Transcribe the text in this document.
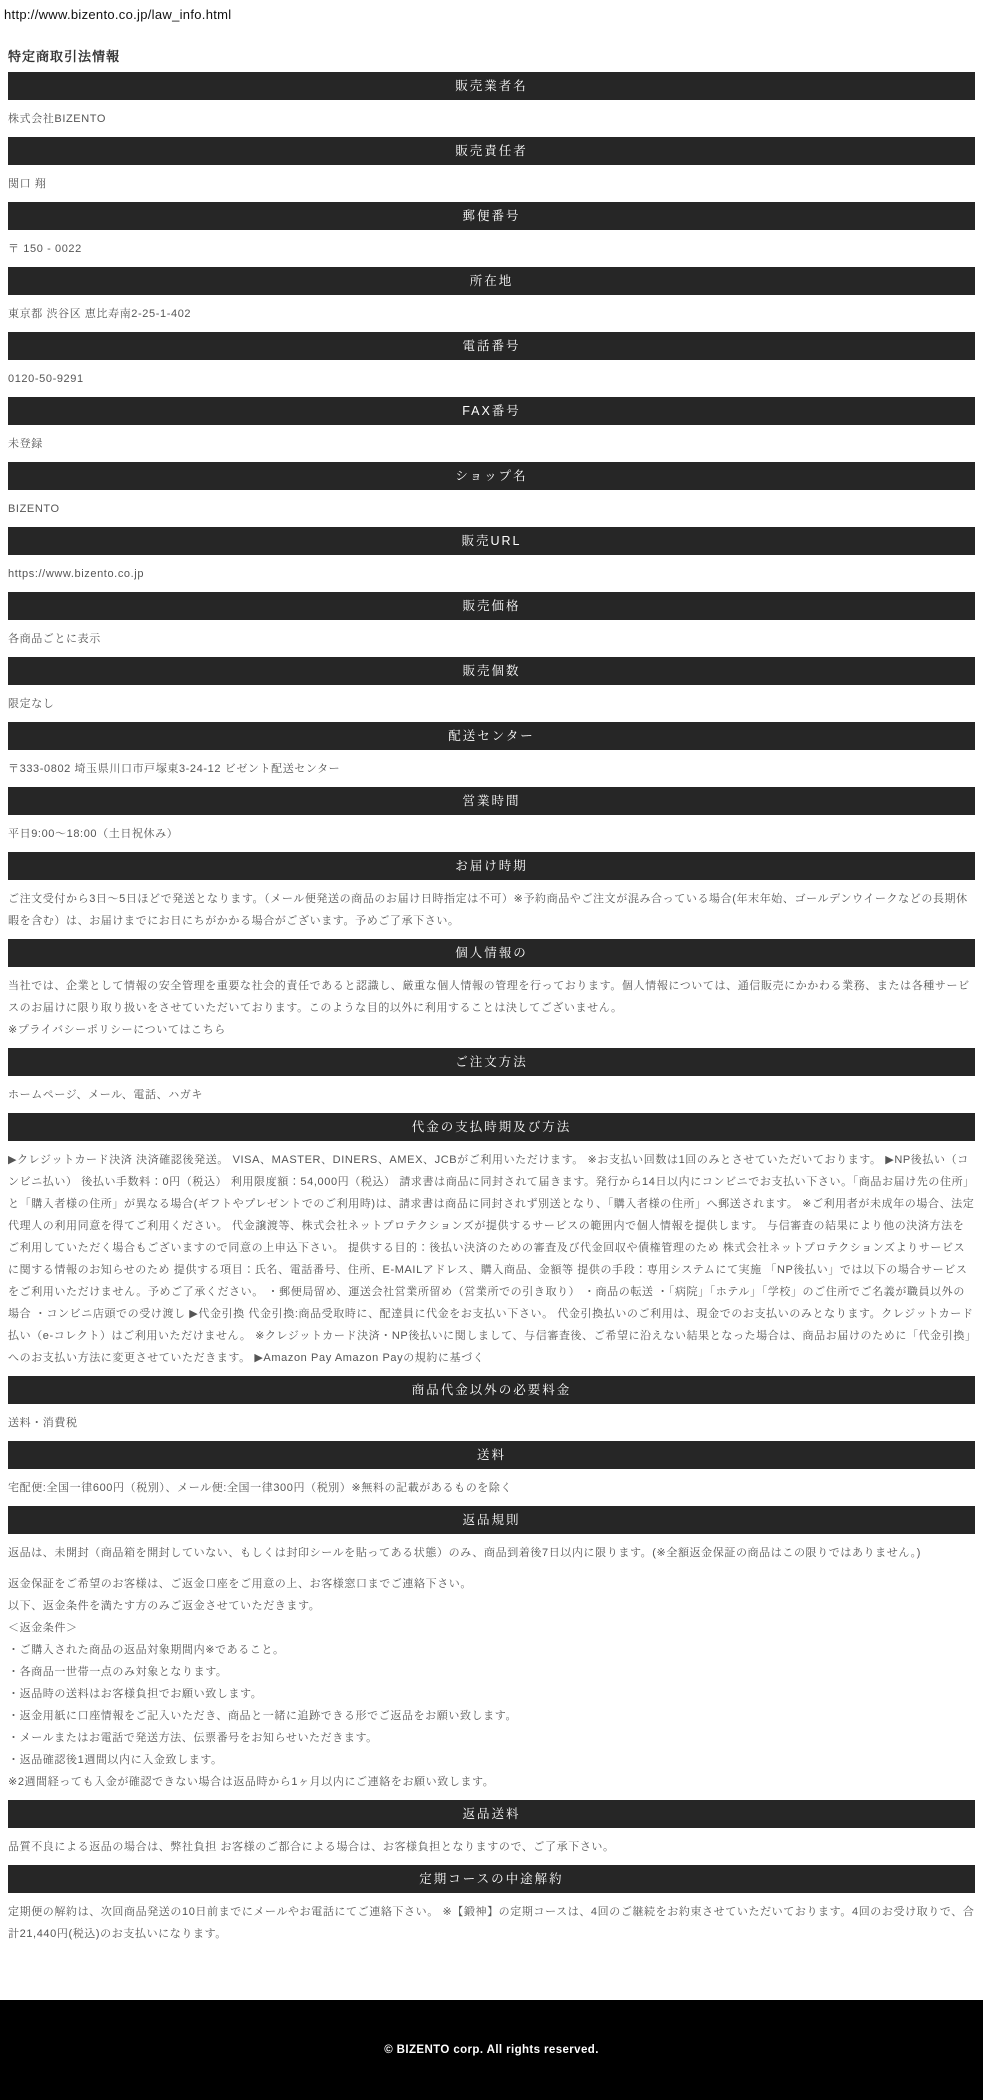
http://www.bizento.co.jp/law_info.html
特定商取引法情報
販売業者名
株式会社BIZENTO
販売責任者
関口 翔
郵便番号
〒 150 - 0022
所在地
東京都 渋谷区 恵比寿南2-25-1-402
電話番号
0120-50-9291
FAX番号
未登録
ショップ名
BIZENTO
販売URL
https://www.bizento.co.jp
販売価格
各商品ごとに表示
販売個数
限定なし
配送センター
〒333-0802 埼玉県川口市戸塚東3‐24‐12 ビゼント配送センター
営業時間
平日9:00〜18:00（土日祝休み）
お届け時期
ご注文受付から3日〜5日ほどで発送となります。（メール便発送の商品のお届け日時指定は不可）※予約商品やご注文が混み合っている場合(年末年始、ゴールデンウイークなどの長期休暇を含む）は、お届けまでにお日にちがかかる場合がございます。予めご了承下さい。
個人情報の
当社では、企業として情報の安全管理を重要な社会的責任であると認識し、厳重な個人情報の管理を行っております。個人情報については、通信販売にかかわる業務、または各種サービスのお届けに限り取り扱いをさせていただいております。このような目的以外に利用することは決してございません。
※プライバシーポリシーについてはこちら
ご注文方法
ホームページ、メール、電話、ハガキ
代金の支払時期及び方法
▶クレジットカード決済 決済確認後発送。 VISA、MASTER、DINERS、AMEX、JCBがご利用いただけます。 ※お支払い回数は1回のみとさせていただいております。 ▶NP後払い（コンビニ払い） 後払い手数料：0円（税込） 利用限度額：54,000円（税込） 請求書は商品に同封されて届きます。発行から14日以内にコンビニでお支払い下さい。「商品お届け先の住所」と「購入者様の住所」が異なる場合(ギフトやプレゼントでのご利用時)は、請求書は商品に同封されず別送となり、「購入者様の住所」へ郵送されます。 ※ご利用者が未成年の場合、法定代理人の利用同意を得てご利用ください。 代金譲渡等、株式会社ネットプロテクションズが提供するサービスの範囲内で個人情報を提供します。 与信審査の結果により他の決済方法をご利用していただく場合もございますので同意の上申込下さい。 提供する目的：後払い決済のための審査及び代金回収や債権管理のため 株式会社ネットプロテクションズよりサービスに関する情報のお知らせのため 提供する項目：氏名、電話番号、住所、E-MAILアドレス、購入商品、金額等 提供の手段：専用システムにて実施 「NP後払い」では以下の場合サービスをご利用いただけません。予めご了承ください。 ・郵便局留め、運送会社営業所留め（営業所での引き取り） ・商品の転送 ・「病院」「ホテル」「学校」のご住所でご名義が職員以外の場合 ・コンビニ店頭での受け渡し ▶代金引換 代金引換:商品受取時に、配達員に代金をお支払い下さい。 代金引換払いのご利用は、現金でのお支払いのみとなります。クレジットカード払い（e-コレクト）はご利用いただけません。 ※クレジットカード決済・NP後払いに関しまして、与信審査後、ご希望に沿えない結果となった場合は、商品お届けのために「代金引換」へのお支払い方法に変更させていただきます。 ▶Amazon Pay Amazon Payの規約に基づく
商品代金以外の必要料金
送料・消費税
送料
宅配便:全国一律600円（税別）、メール便:全国一律300円（税別）※無料の記載があるものを除く
返品規則
返品は、未開封（商品箱を開封していない、もしくは封印シールを貼ってある状態）のみ、商品到着後7日以内に限ります。(※全額返金保証の商品はこの限りではありません。)
返金保証をご希望のお客様は、ご返金口座をご用意の上、お客様窓口までご連絡下さい。
以下、返金条件を満たす方のみご返金させていただきます。
＜返金条件＞
・ご購入された商品の返品対象期間内※であること。
・各商品一世帯一点のみ対象となります。
・返品時の送料はお客様負担でお願い致します。
・返金用紙に口座情報をご記入いただき、商品と一緒に追跡できる形でご返品をお願い致します。
・メールまたはお電話で発送方法、伝票番号をお知らせいただきます。
・返品確認後1週間以内に入金致します。
※2週間経っても入金が確認できない場合は返品時から1ヶ月以内にご連絡をお願い致します。
返品送料
品質不良による返品の場合は、弊社負担 お客様のご都合による場合は、お客様負担となりますので、ご了承下さい。
定期コースの中途解約
定期便の解約は、次回商品発送の10日前までにメールやお電話にてご連絡下さい。 ※【鍛神】の定期コースは、4回のご継続をお約束させていただいております。4回のお受け取りで、合計21,440円(税込)のお支払いになります。
© BIZENTO corp. All rights reserved.
